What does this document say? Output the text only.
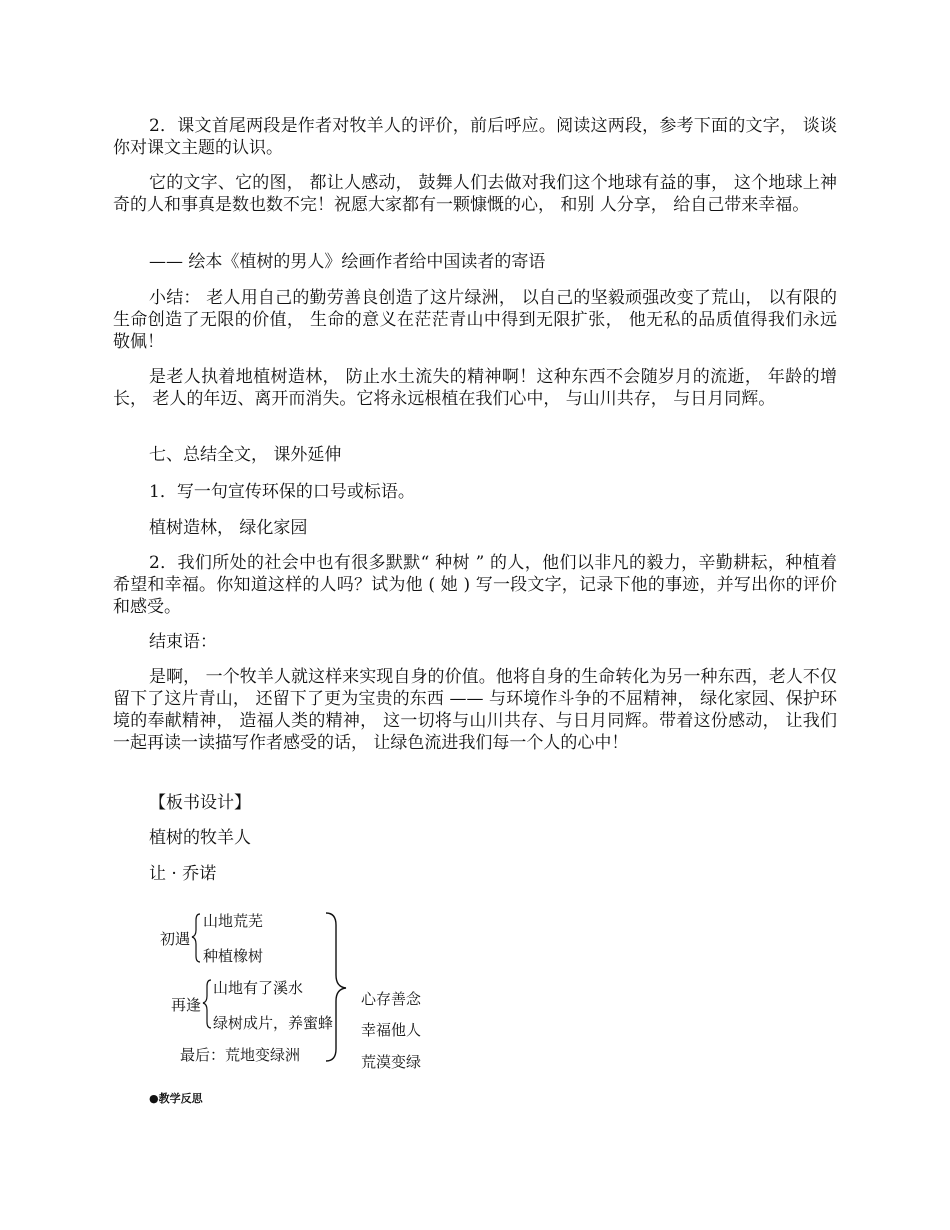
2．课文首尾两段是作者对牧羊人的评价，前后呼应。阅读这两段，参考下面的文字， 谈谈你对课文主题的认识。
它的文字、它的图， 都让人感动， 鼓舞人们去做对我们这个地球有益的事， 这个地球上神奇的人和事真是数也数不完！祝愿大家都有一颗慷慨的心， 和别 人分享， 给自己带来幸福。
—— 绘本《植树的男人》绘画作者给中国读者的寄语
小结： 老人用自己的勤劳善良创造了这片绿洲， 以自己的坚毅顽强改变了荒山， 以有限的生命创造了无限的价值， 生命的意义在茫茫青山中得到无限扩张， 他无私的品质值得我们永远敬佩！
是老人执着地植树造林， 防止水土流失的精神啊！这种东西不会随岁月的流逝， 年龄的增长， 老人的年迈、离开而消失。它将永远根植在我们心中， 与山川共存， 与日月同辉。
七、总结全文， 课外延伸
1．写一句宣传环保的口号或标语。
植树造林， 绿化家园
2．我们所处的社会中也有很多默默“ 种树 ” 的人，他们以非凡的毅力，辛勤耕耘，种植着希望和幸福。你知道这样的人吗？试为他 ( 她 ) 写一段文字，记录下他的事迹，并写出你的评价和感受。
结束语：
是啊， 一个牧羊人就这样来实现自身的价值。他将自身的生命转化为另一种东西，老人不仅留下了这片青山， 还留下了更为宝贵的东西 —— 与环境作斗争的不屈精神， 绿化家园、保护环境的奉献精神， 造福人类的精神， 这一切将与山川共存、与日月同辉。带着这份感动， 让我们一起再读一读描写作者感受的话， 让绿色流进我们每一个人的心中！
【板书设计】
植树的牧羊人
让 · 乔诺
初遇
山地荒芜
种植橡树
再逢
山地有了溪水
绿树成片，养蜜蜂
最后：荒地变绿洲
心存善念
幸福他人
荒漠变绿
●教学反思
